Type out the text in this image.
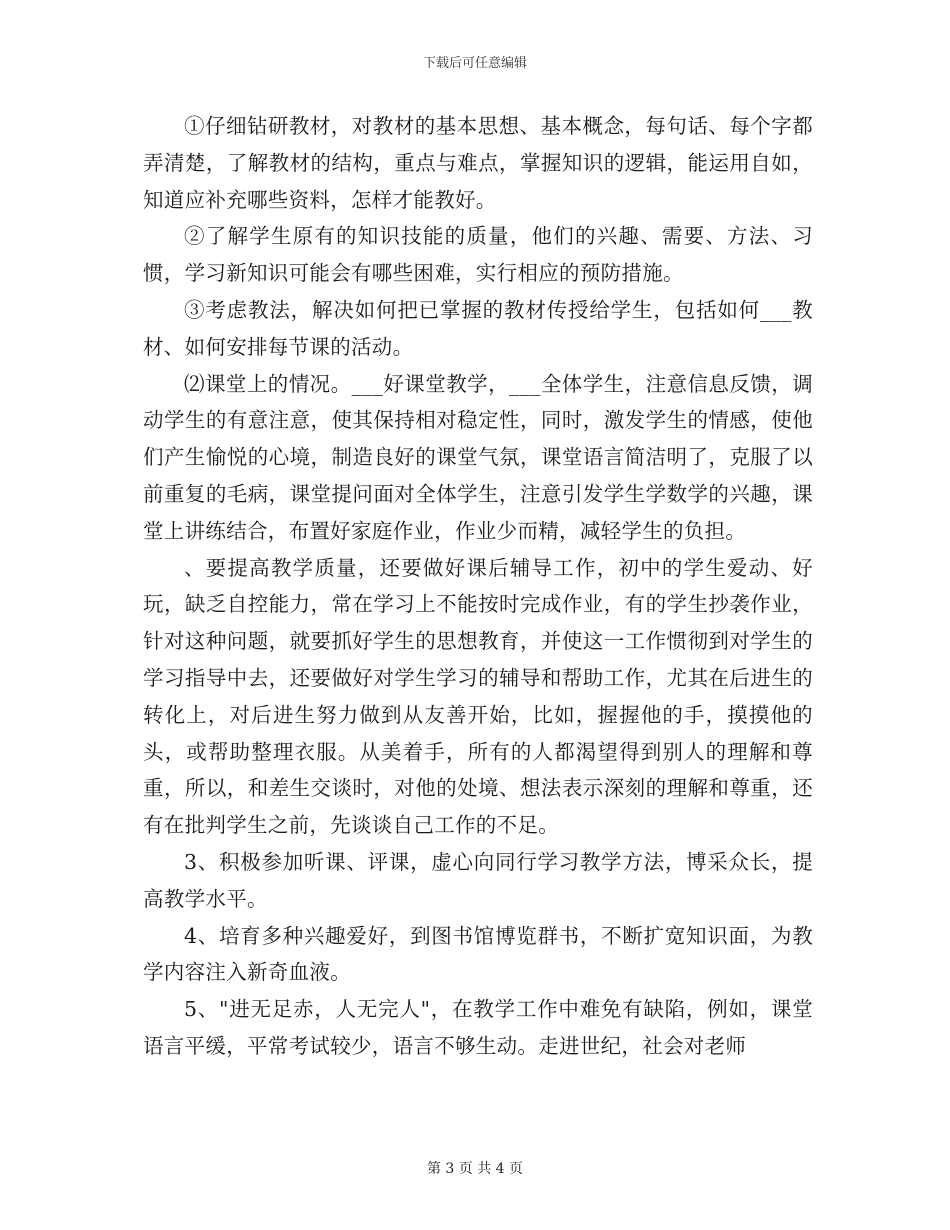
下载后可任意编辑

①仔细钻研教材，对教材的基本思想、基本概念，每句话、每个字都弄清楚，了解教材的结构，重点与难点，掌握知识的逻辑，能运用自如，知道应补充哪些资料，怎样才能教好。

②了解学生原有的知识技能的质量，他们的兴趣、需要、方法、习惯，学习新知识可能会有哪些困难，实行相应的预防措施。

③考虑教法，解决如何把已掌握的教材传授给学生，包括如何___教材、如何安排每节课的活动。

⑵课堂上的情况。___好课堂教学，___全体学生，注意信息反馈，调动学生的有意注意，使其保持相对稳定性，同时，激发学生的情感，使他们产生愉悦的心境，制造良好的课堂气氛，课堂语言简洁明了，克服了以前重复的毛病，课堂提问面对全体学生，注意引发学生学数学的兴趣，课堂上讲练结合，布置好家庭作业，作业少而精，减轻学生的负担。

、要提高教学质量，还要做好课后辅导工作，初中的学生爱动、好玩，缺乏自控能力，常在学习上不能按时完成作业，有的学生抄袭作业，针对这种问题，就要抓好学生的思想教育，并使这一工作惯彻到对学生的学习指导中去，还要做好对学生学习的辅导和帮助工作，尤其在后进生的转化上，对后进生努力做到从友善开始，比如，握握他的手，摸摸他的头，或帮助整理衣服。从美着手，所有的人都渴望得到别人的理解和尊重，所以，和差生交谈时，对他的处境、想法表示深刻的理解和尊重，还有在批判学生之前，先谈谈自己工作的不足。

3、积极参加听课、评课，虚心向同行学习教学方法，博采众长，提高教学水平。

4、培育多种兴趣爱好，到图书馆博览群书，不断扩宽知识面，为教学内容注入新奇血液。

5、"进无足赤，人无完人"，在教学工作中难免有缺陷，例如，课堂语言平缓，平常考试较少，语言不够生动。走进世纪，社会对老师

第 3 页 共 4 页
